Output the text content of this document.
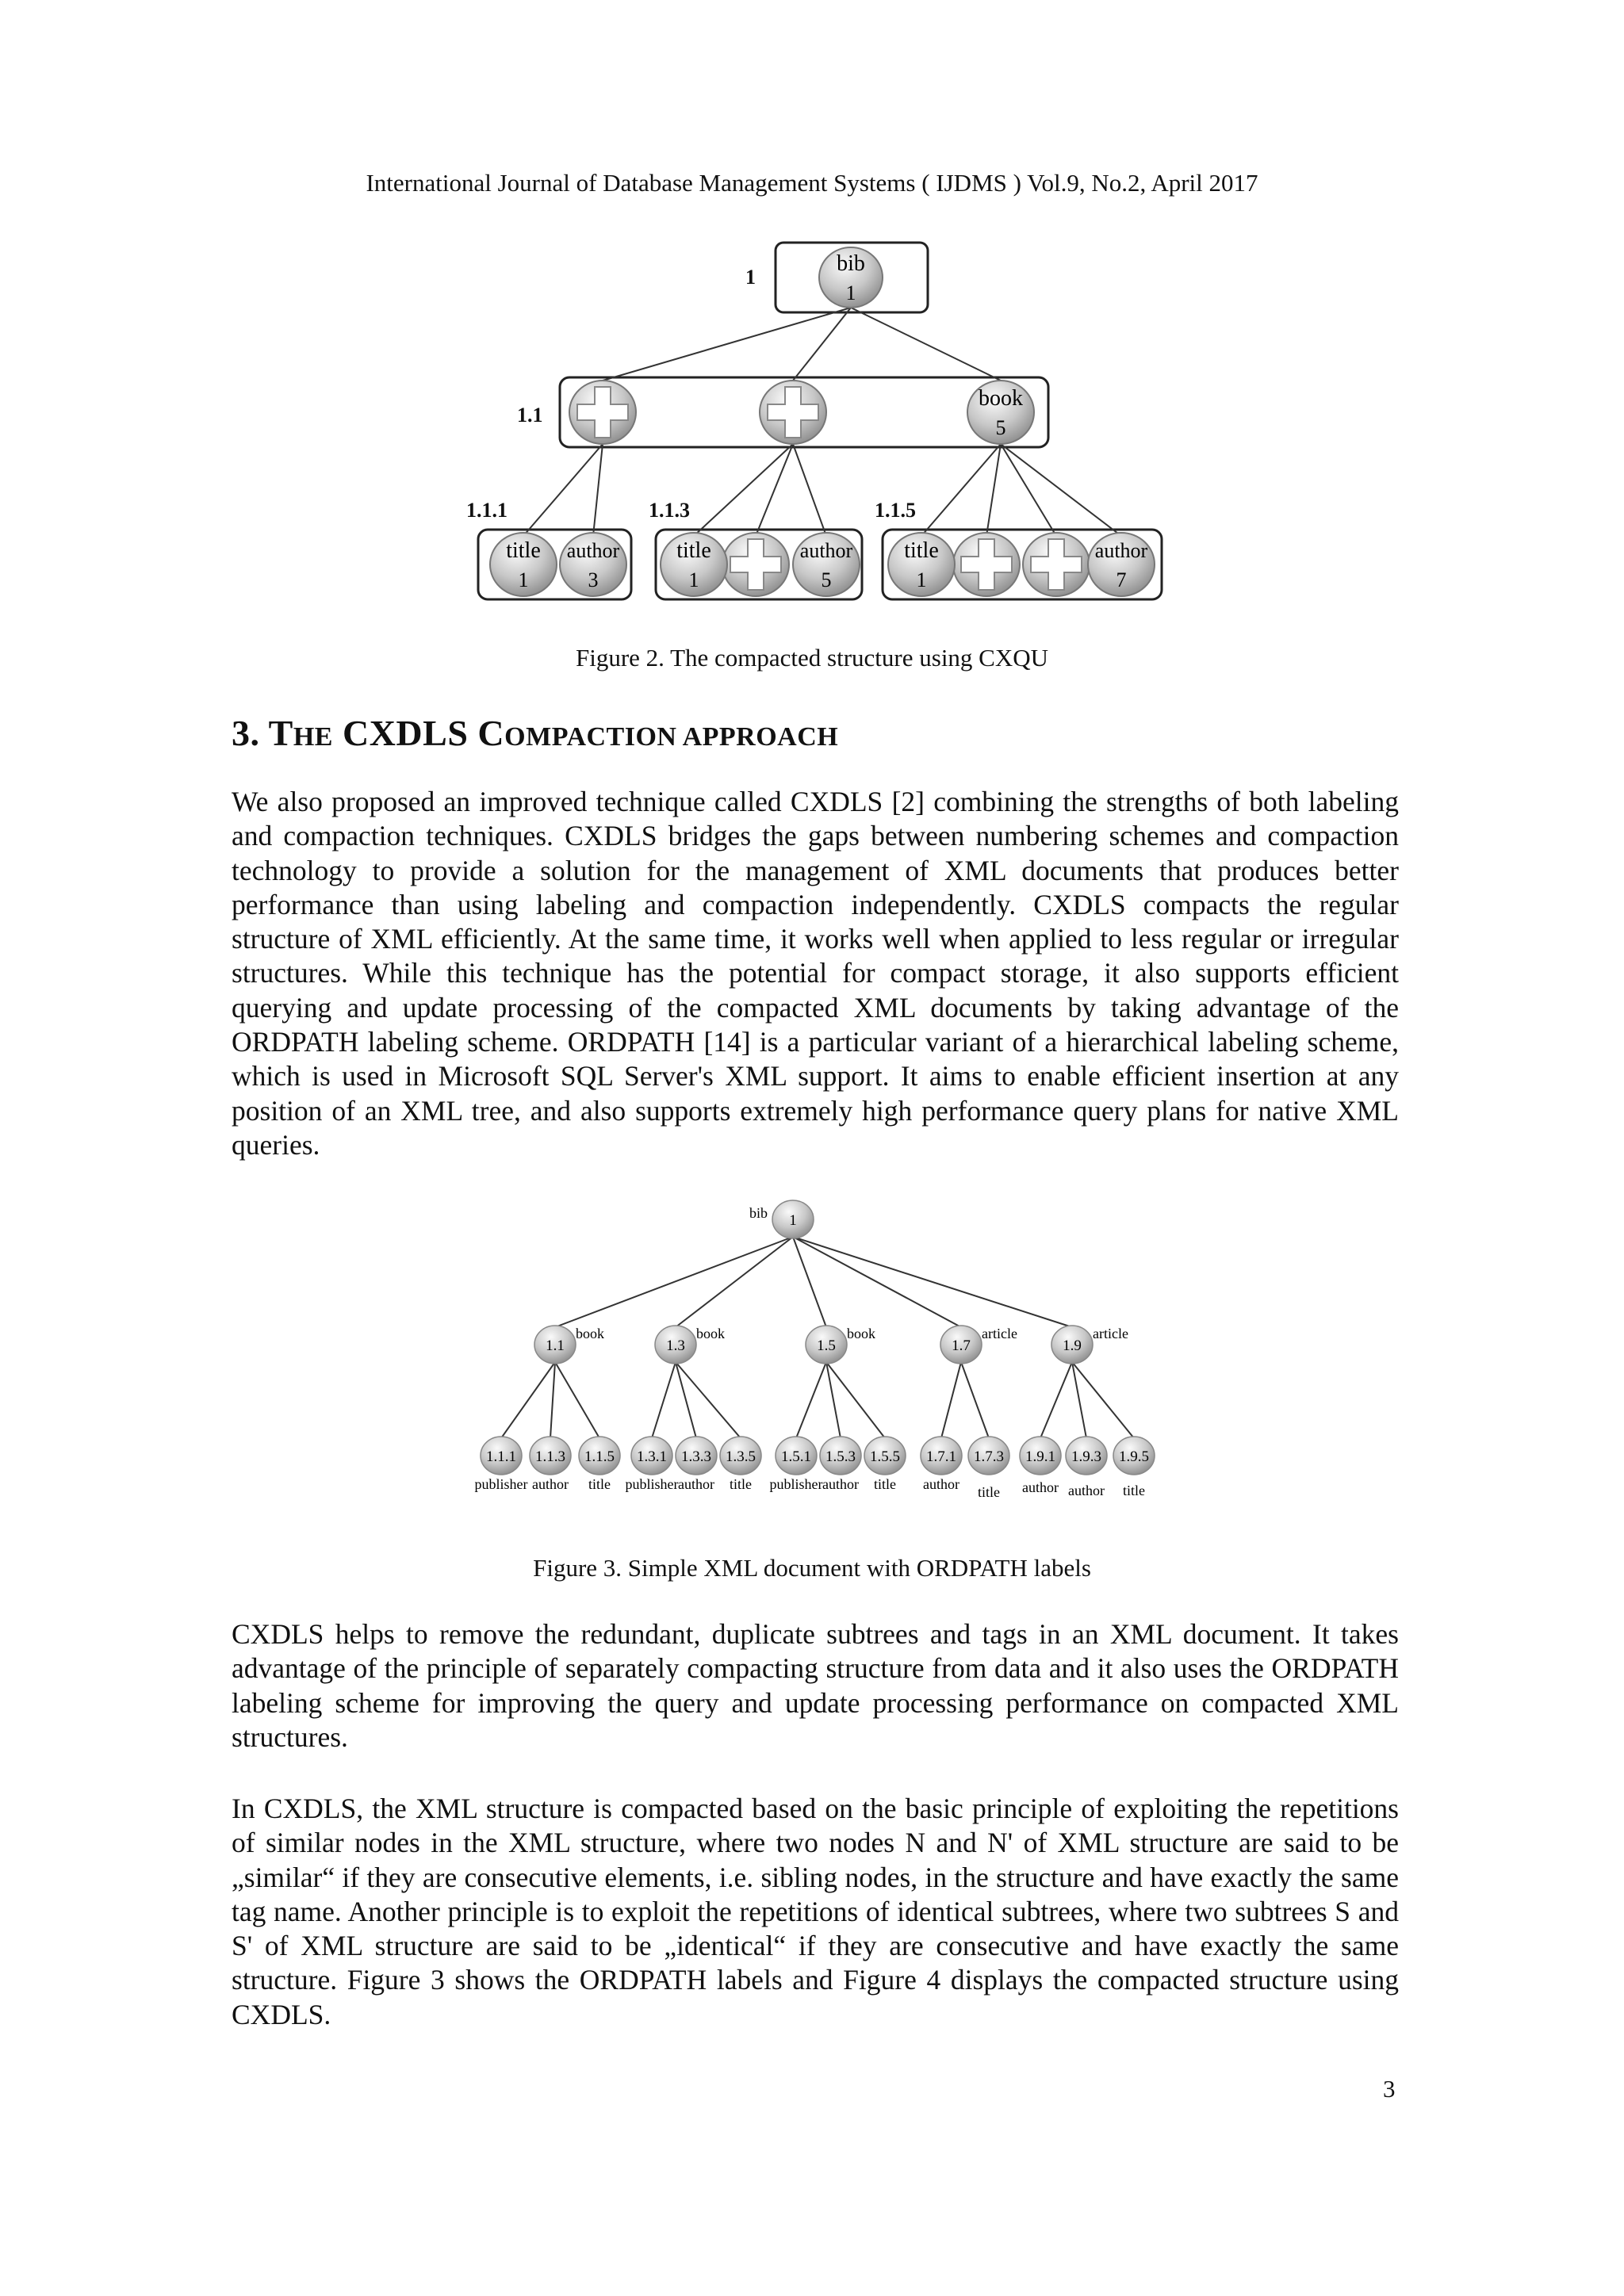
International Journal of Database Management Systems ( IJDMS ) Vol.9, No.2, April 2017
1
1.1
1.1.1	1.1.3	1.1.5
bib
1
book
5
title
1
author
3
title
1
author
5
title
1
author
7
Figure 2. The compacted structure using CXQU
3. THE CXDLS COMPACTION APPROACH
We also proposed an improved technique called CXDLS [2] combining the strengths of both labeling and compaction techniques. CXDLS bridges the gaps between numbering schemes and compaction technology to provide a solution for the management of XML documents that produces better performance than using labeling and compaction independently. CXDLS compacts the regular structure of XML efficiently. At the same time, it works well when applied to less regular or irregular structures. While this technique has the potential for compact storage, it also supports efficient querying and update processing of the compacted XML documents by taking advantage of the ORDPATH labeling scheme. ORDPATH [14] is a particular variant of a hierarchical labeling scheme, which is used in Microsoft SQL Server's XML support. It aims to enable efficient insertion at any position of an XML tree, and also supports extremely high performance query plans for native XML queries.
1
bib
1.1
book
1.1.1
publisher
1.1.3
author
1.1.5
title
1.3
book
1.3.1
publisher
1.3.3
author
1.3.5
title
1.5
book
1.5.1
publisher
1.5.3
author
1.5.5
title
1.7
article
1.7.1
author
1.7.3
title
1.9
article
1.9.1
author
1.9.3
author
1.9.5
title
Figure 3. Simple XML document with ORDPATH labels
CXDLS helps to remove the redundant, duplicate subtrees and tags in an XML document. It takes advantage of the principle of separately compacting structure from data and it also uses the ORDPATH labeling scheme for improving the query and update processing performance on compacted XML structures.
In CXDLS, the XML structure is compacted based on the basic principle of exploiting the repetitions of similar nodes in the XML structure, where two nodes N and N' of XML structure are said to be „similar“ if they are consecutive elements, i.e. sibling nodes, in the structure and have exactly the same tag name. Another principle is to exploit the repetitions of identical subtrees, where two subtrees S and S' of XML structure are said to be „identical“ if they are consecutive and have exactly the same structure. Figure 3 shows the ORDPATH labels and Figure 4 displays the compacted structure using CXDLS.
3
